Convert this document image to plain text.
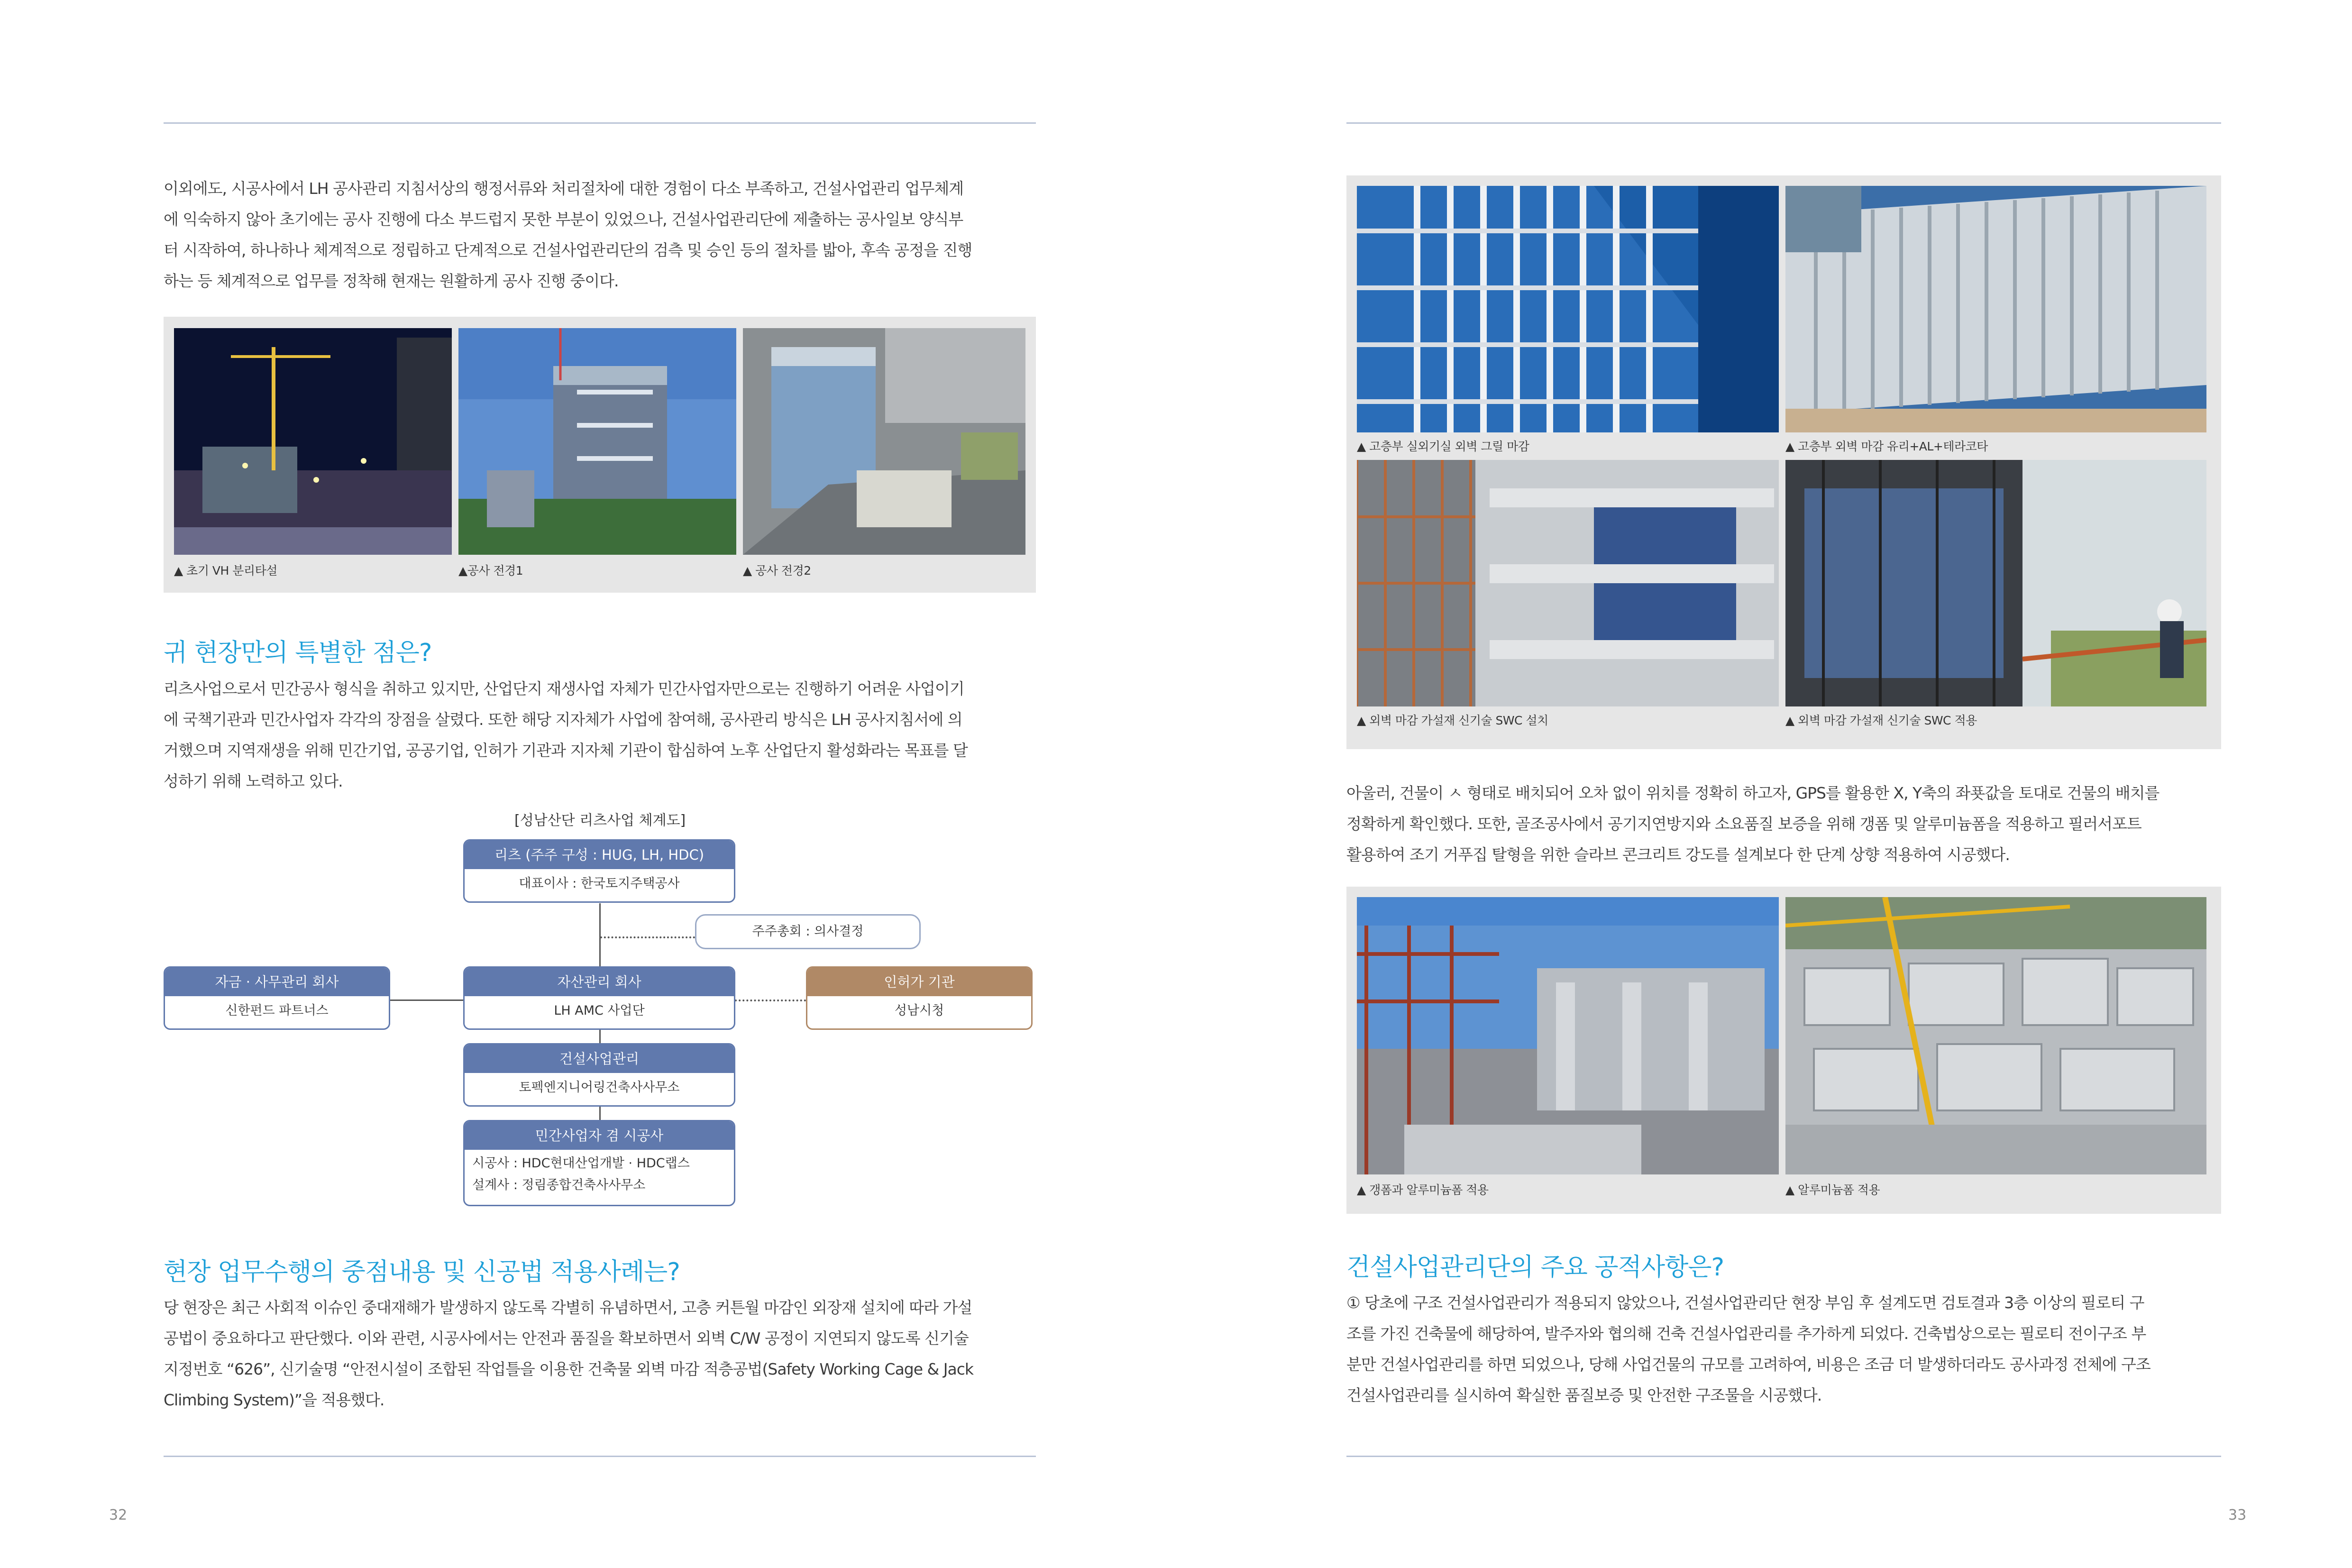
이외에도, 시공사에서 LH 공사관리 지침서상의 행정서류와 처리절차에 대한 경험이 다소 부족하고, 건설사업관리 업무체계

에 익숙하지 않아 초기에는 공사 진행에 다소 부드럽지 못한 부분이 있었으나, 건설사업관리단에 제출하는 공사일보 양식부

터 시작하여, 하나하나 체계적으로 정립하고 단계적으로 건설사업관리단의 검측 및 승인 등의 절차를 밟아, 후속 공정을 진행

하는 등 체계적으로 업무를 정착해 현재는 원활하게 공사 진행 중이다.

▲ 초기 VH 분리타설	▲공사 전경1	▲ 공사 전경2
귀 현장만의 특별한 점은?

리츠사업으로서 민간공사 형식을 취하고 있지만, 산업단지 재생사업 자체가 민간사업자만으로는 진행하기 어려운 사업이기

에 국책기관과 민간사업자 각각의 장점을 살렸다. 또한 해당 지자체가 사업에 참여해, 공사관리 방식은 LH 공사지침서에 의

거했으며 지역재생을 위해 민간기업, 공공기업, 인허가 기관과 지자체 기관이 합심하여 노후 산업단지 활성화라는 목표를 달

성하기 위해 노력하고 있다.

[성남산단 리츠사업 체계도]
리츠 (주주 구성 : HUG, LH, HDC)
대표이사 : 한국토지주택공사
주주총회 : 의사결정
자금 · 사무관리 회사
신한펀드 파트너스
자산관리 회사
LH AMC 사업단
인허가 기관
성남시청
건설사업관리
토펙엔지니어링건축사사무소
민간사업자 겸 시공사
시공사 : HDC현대산업개발 · HDC랩스
설계사 : 정림종합건축사사무소
현장 업무수행의 중점내용 및 신공법 적용사례는?

당 현장은 최근 사회적 이슈인 중대재해가 발생하지 않도록 각별히 유념하면서, 고층 커튼월 마감인 외장재 설치에 따라 가설

공법이 중요하다고 판단했다. 이와 관련, 시공사에서는 안전과 품질을 확보하면서 외벽 C/W 공정이 지연되지 않도록 신기술

지정번호 “626”, 신기술명 “안전시설이 조합된 작업틀을 이용한 건축물 외벽 마감 적층공법(Safety Working Cage & Jack

Climbing System)”을 적용했다.

32
▲ 고층부 실외기실 외벽 그릴 마감	▲ 고층부 외벽 마감 유리+AL+테라코타
▲ 외벽 마감 가설재 신기술 SWC 설치	▲ 외벽 마감 가설재 신기술 SWC 적용

아울러, 건물이 ㅅ 형태로 배치되어 오차 없이 위치를 정확히 하고자, GPS를 활용한 X, Y축의 좌푯값을 토대로 건물의 배치를

정확하게 확인했다. 또한, 골조공사에서 공기지연방지와 소요품질 보증을 위해 갱폼 및 알루미늄폼을 적용하고 필러서포트

활용하여 조기 거푸집 탈형을 위한 슬라브 콘크리트 강도를 설계보다 한 단계 상향 적용하여 시공했다.

▲ 갱폼과 알루미늄폼 적용	▲ 알루미늄폼 적용
건설사업관리단의 주요 공적사항은?

① 당초에 구조 건설사업관리가 적용되지 않았으나, 건설사업관리단 현장 부임 후 설계도면 검토결과 3층 이상의 필로티 구

조를 가진 건축물에 해당하여, 발주자와 협의해 건축 건설사업관리를 추가하게 되었다. 건축법상으로는 필로티 전이구조 부

분만 건설사업관리를 하면 되었으나, 당해 사업건물의 규모를 고려하여, 비용은 조금 더 발생하더라도 공사과정 전체에 구조

건설사업관리를 실시하여 확실한 품질보증 및 안전한 구조물을 시공했다.

33
